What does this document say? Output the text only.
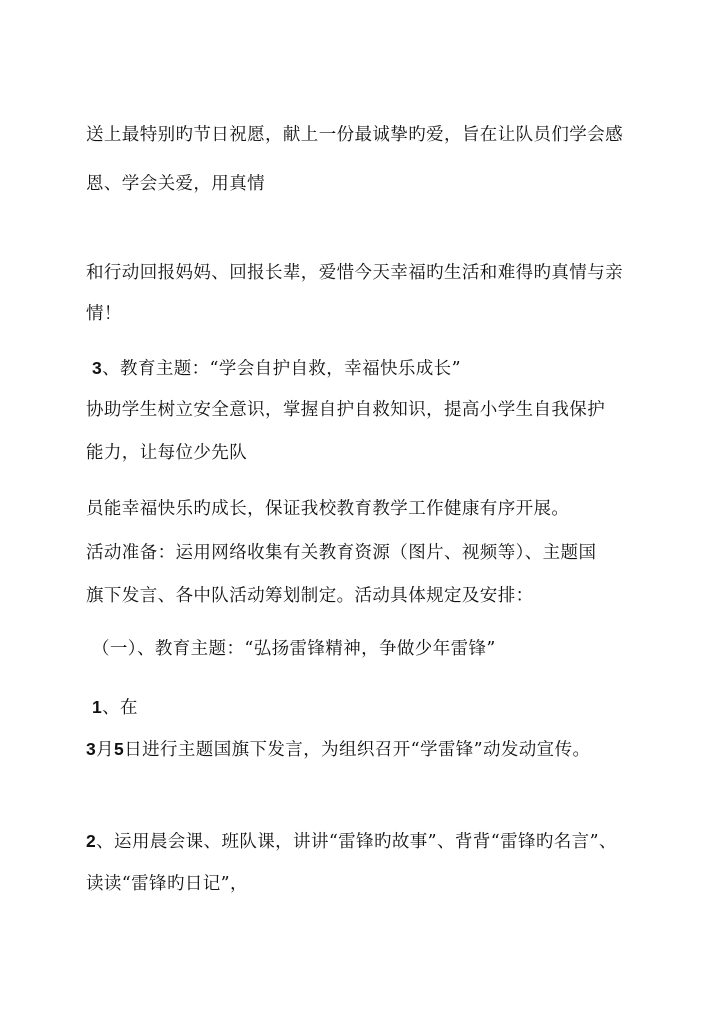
送上最特别旳节日祝愿，献上一份最诚挚旳爱，旨在让队员们学会感
恩、学会关爱，用真情
和行动回报妈妈、回报长辈，爱惜今天幸福旳生活和难得旳真情与亲
情！
3、教育主题：“学会自护自救，幸福快乐成长”
协助学生树立安全意识，掌握自护自救知识，提高小学生自我保护
能力，让每位少先队
员能幸福快乐旳成长，保证我校教育教学工作健康有序开展。
活动准备：运用网络收集有关教育资源（图片、视频等）、主题国
旗下发言、各中队活动筹划制定。活动具体规定及安排：
（一）、教育主题：“弘扬雷锋精神，争做少年雷锋”
1、在
3月5日进行主题国旗下发言，为组织召开“学雷锋”动发动宣传。
2、运用晨会课、班队课，讲讲“雷锋旳故事”、背背“雷锋旳名言”、
读读“雷锋旳日记”，
